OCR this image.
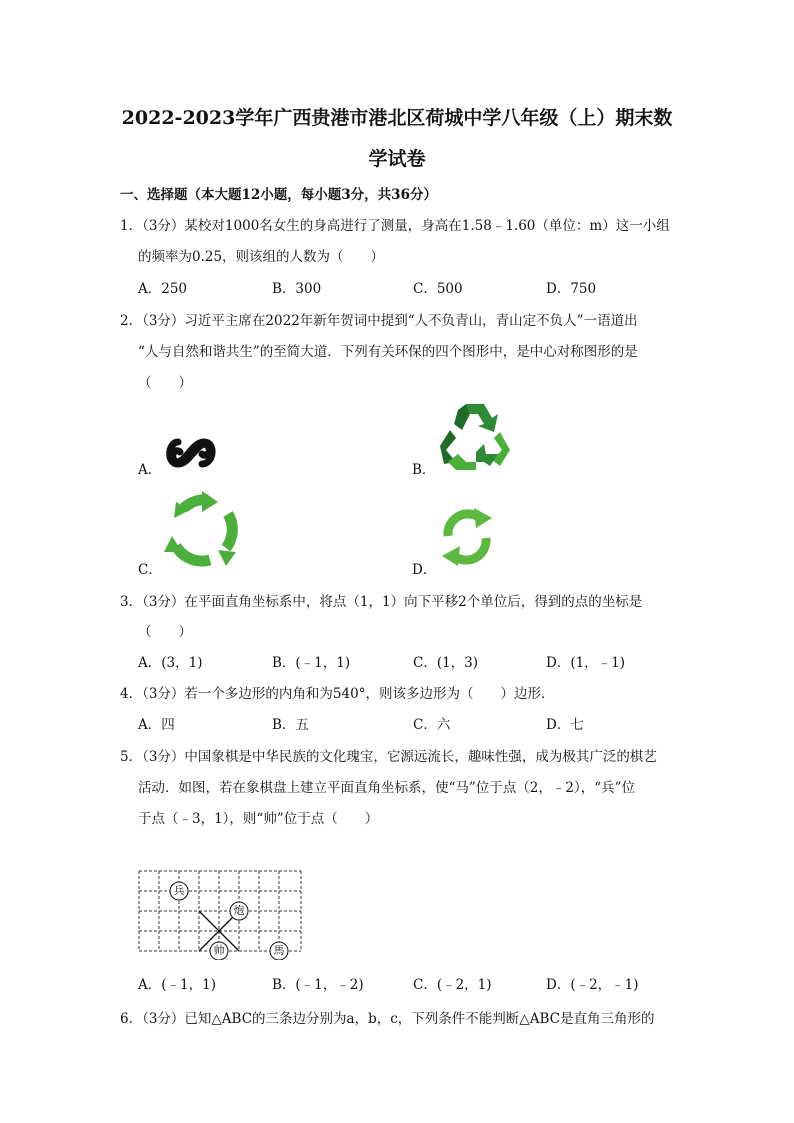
2022-2023学年广西贵港市港北区荷城中学八年级（上）期末数
学试卷
一、选择题（本大题12小题，每小题3分，共36分）
1．（3分）某校对1000名女生的身高进行了测量，身高在1.58﹣1.60（单位：m）这一小组
的频率为0.25，则该组的人数为（　　）
A．250	B．300	C．500	D．750
2．（3分）习近平主席在2022年新年贺词中提到“人不负青山，青山定不负人”一语道出
“人与自然和谐共生”的至简大道．下列有关环保的四个图形中，是中心对称图形的是
（　　）
A．	B．
C．	D．
3．（3分）在平面直角坐标系中，将点（1，1）向下平移2个单位后，得到的点的坐标是
（　　）
A．(3，1)	B．(﹣1，1)	C．(1，3)	D．(1，﹣1)
4．（3分）若一个多边形的内角和为540°，则该多边形为（　　）边形．
A．四	B．五	C．六	D．七
5．（3分）中国象棋是中华民族的文化瑰宝，它源远流长，趣味性强，成为极其广泛的棋艺
活动．如图，若在象棋盘上建立平面直角坐标系，使“马”位于点（2，﹣2），“兵”位
于点（﹣3，1），则“帅”位于点（　　）
兵
炮
帅	馬
A．(﹣1，1)	B．(﹣1，﹣2)	C．(﹣2，1)	D．(﹣2，﹣1)
6．（3分）已知△ABC的三条边分别为a，b，c，下列条件不能判断△ABC是直角三角形的
